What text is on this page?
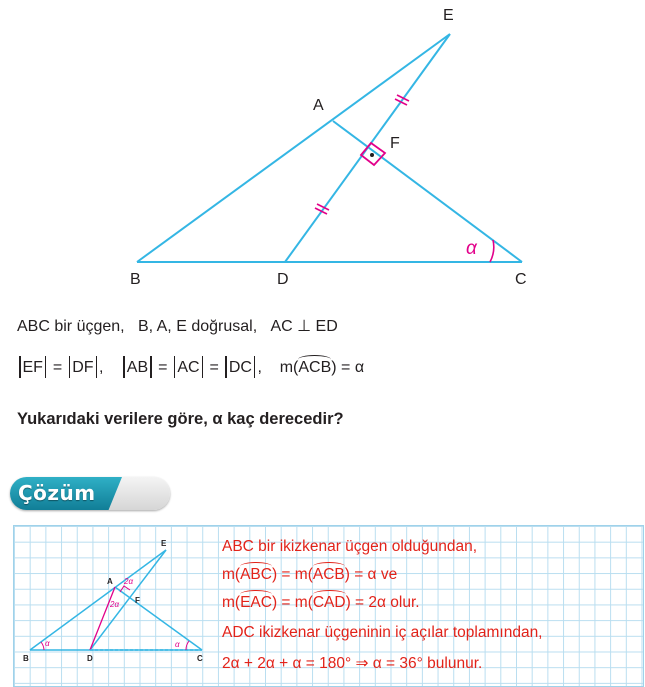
α
E
A
F
B	D	C
ABC bir üçgen, B, A, E doğrusal, AC ⊥ ED
EF = DF , AB = AC = DC , m(ACB) = α
Yukarıdaki verilere göre, α kaç derecedir?
Çözüm
α
2α
2α
α
E
A
F
B	D	C
ABC bir ikizkenar üçgen olduğundan,
m(ABC) = m(ACB) = α ve
m(EAC) = m(CAD) = 2α olur.
ADC ikizkenar üçgeninin iç açılar toplamından,
2α + 2α + α = 180° ⇒ α = 36° bulunur.
